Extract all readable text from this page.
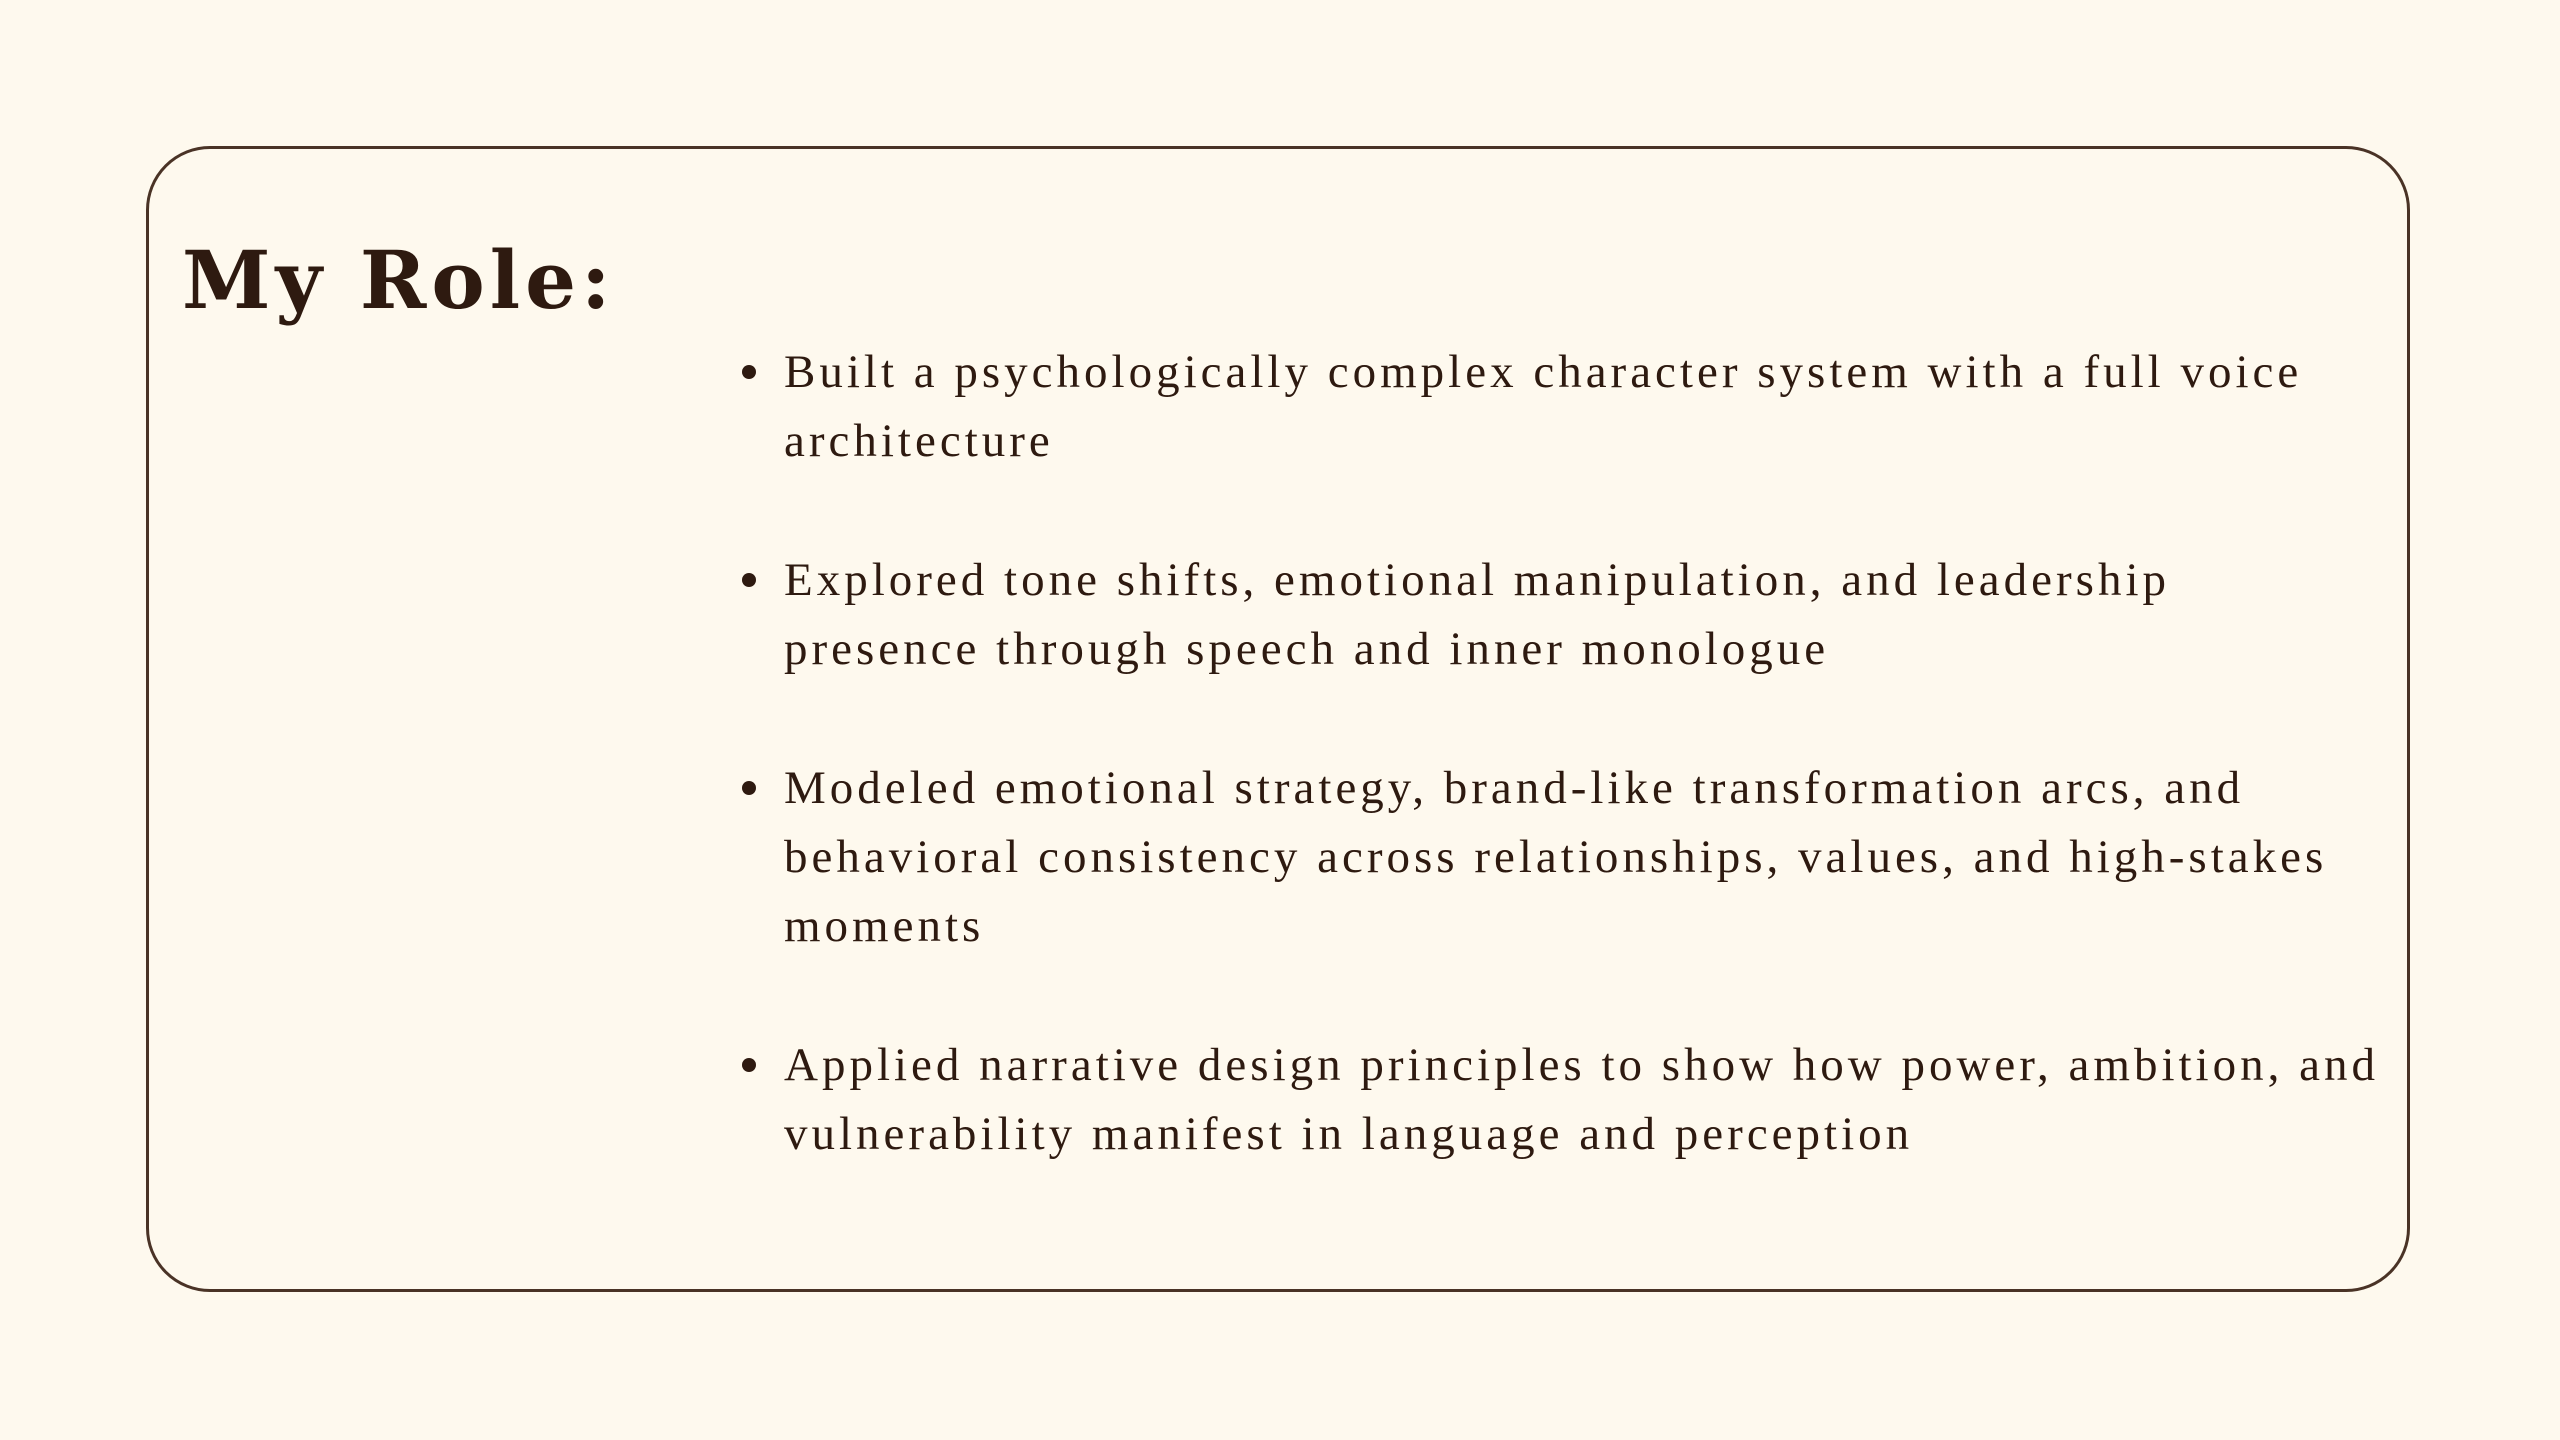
My Role:
Built a psychologically complex character system with a full voice architecture
Explored tone shifts, emotional manipulation, and leadership presence through speech and inner monologue
Modeled emotional strategy, brand-like transformation arcs, and behavioral consistency across relationships, values, and high-stakes moments
Applied narrative design principles to show how power, ambition, and vulnerability manifest in language and perception
